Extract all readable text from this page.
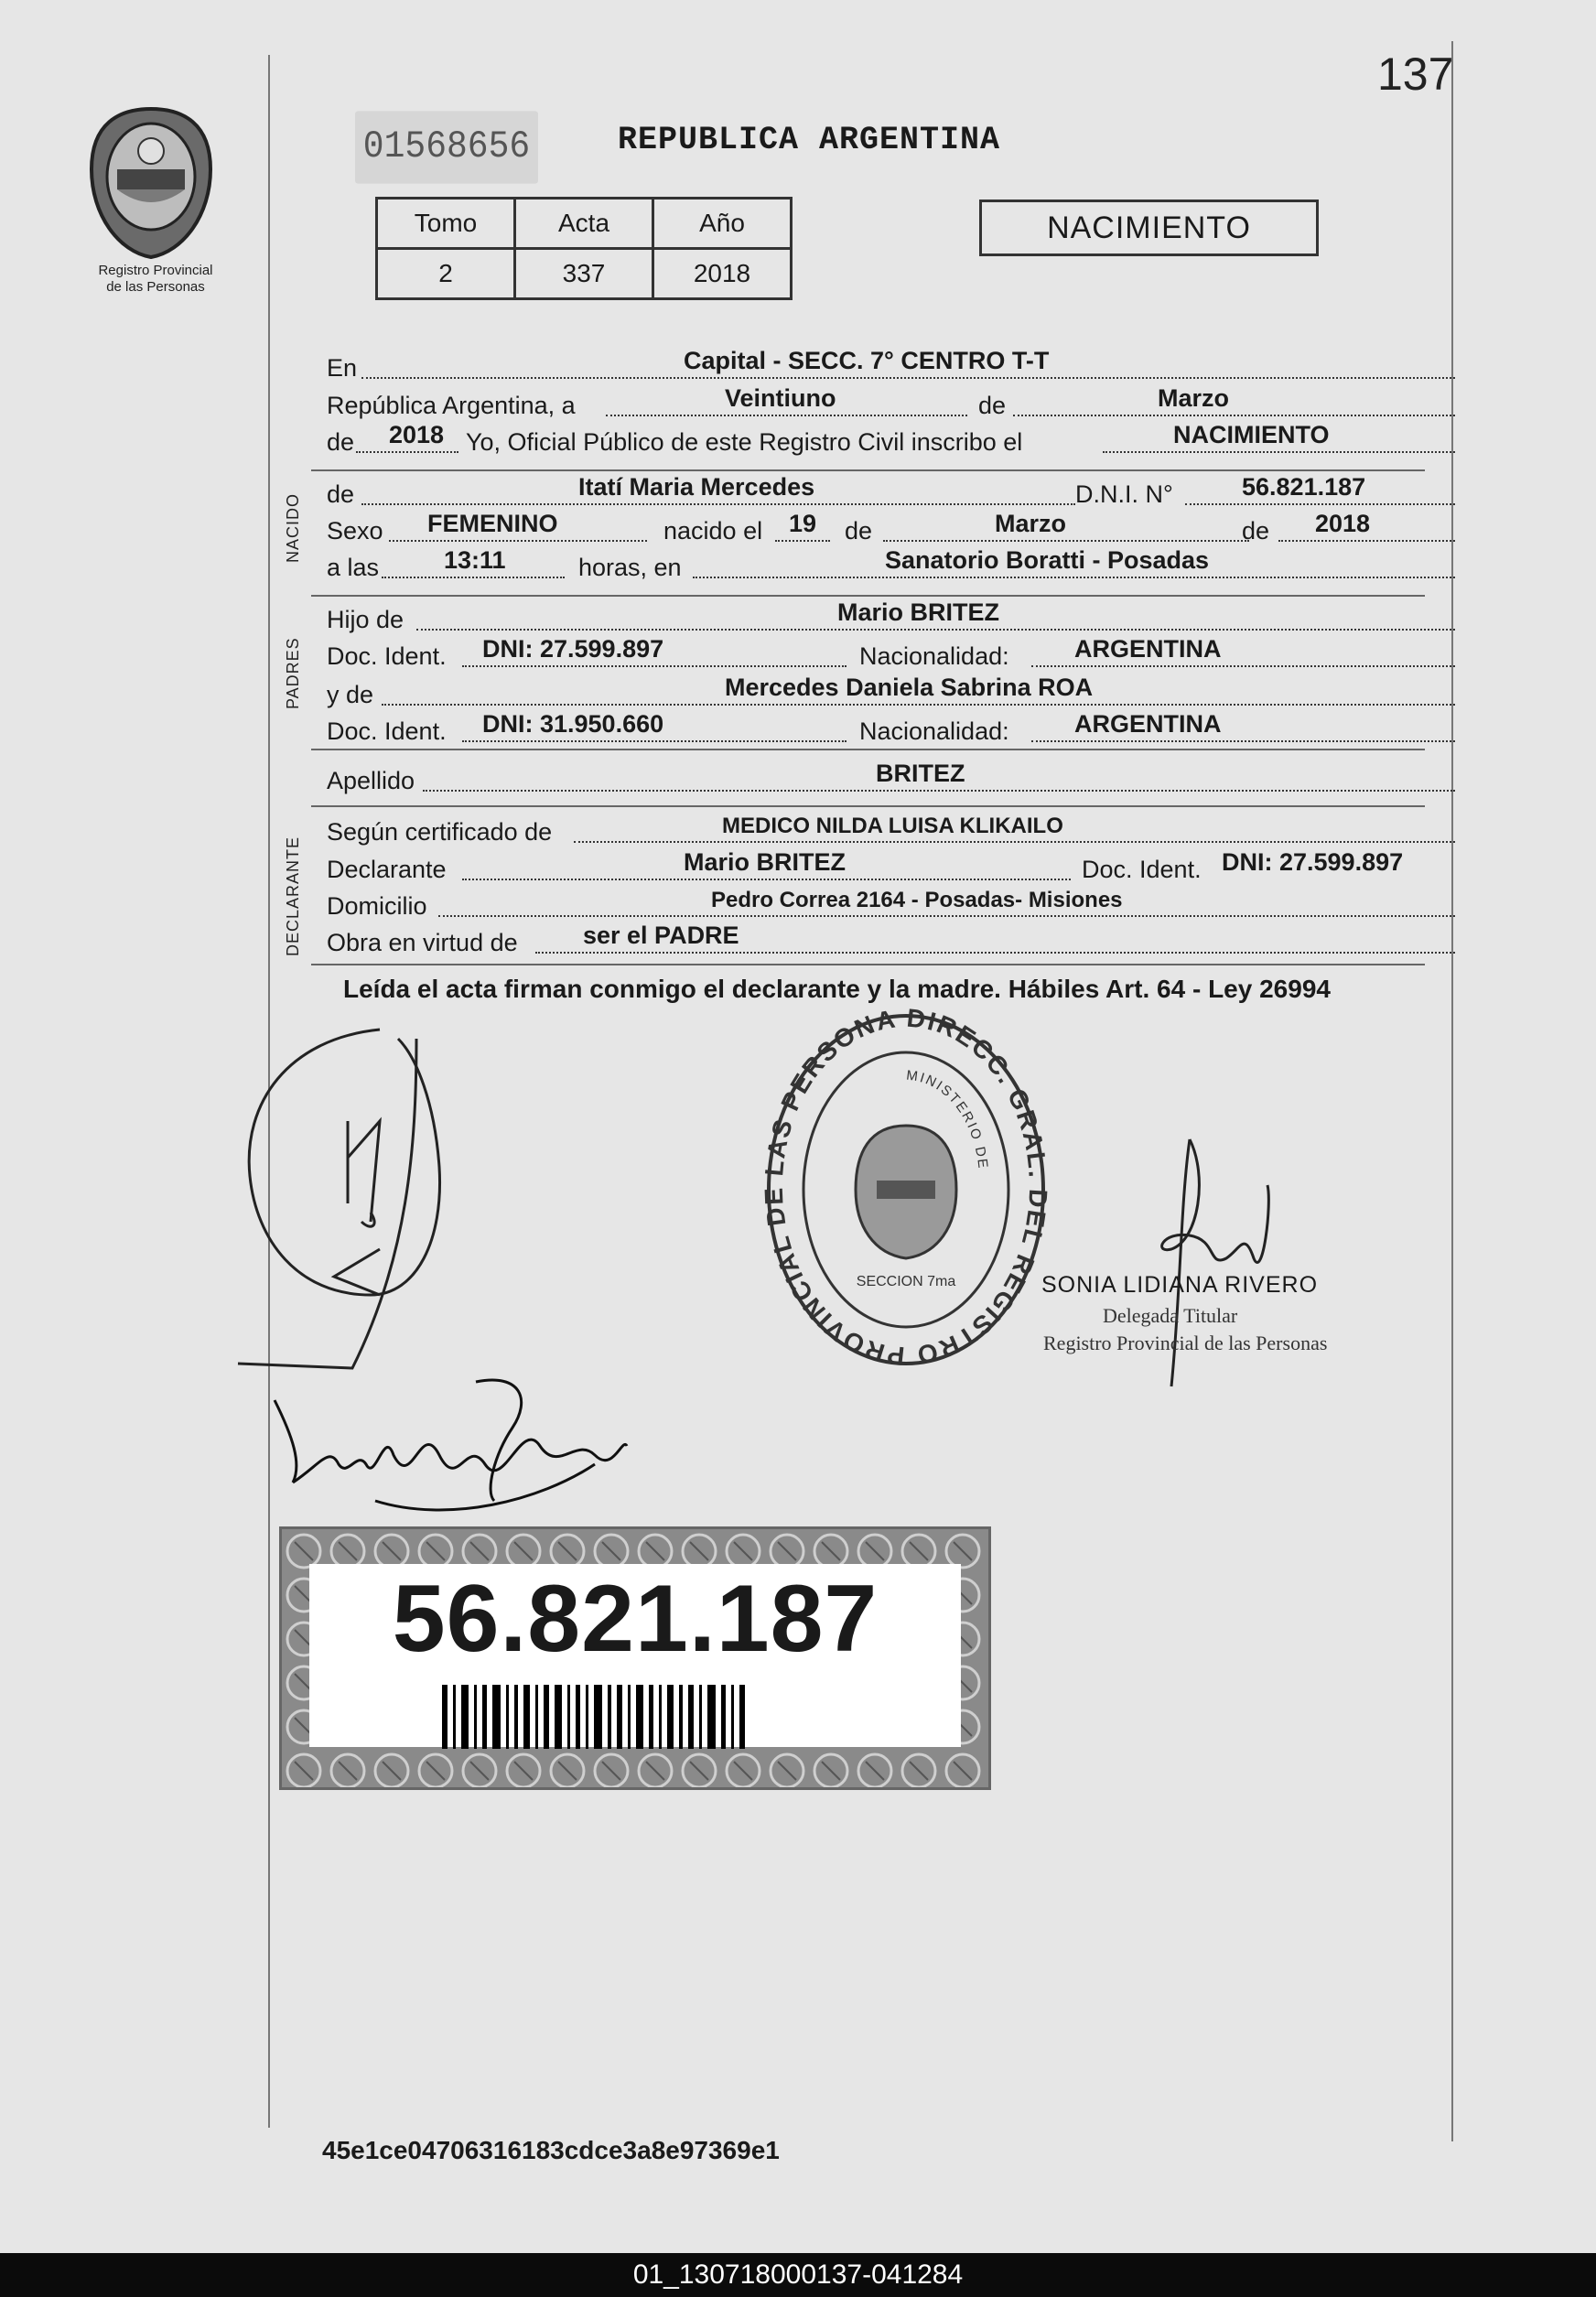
Registro Provincial
de las Personas
137
01568656	REPUBLICA ARGENTINA
Tomo	Acta	Año
2	337	2018
NACIMIENTO
En	Capital - SECC. 7° CENTRO T-T
República Argentina, a	Veintiuno	de	Marzo
de 2018 Yo, Oficial Público de este Registro Civil inscribo el	NACIMIENTO
NACIDO de	Itatí Maria Mercedes	D.N.I. N°	56.821.187
Sexo FEMENINO	nacido el 19 de	Marzo	de 2018
a las	13:11	horas, en	Sanatorio Boratti - Posadas
PADRES
Hijo de	Mario BRITEZ
Doc. Ident. DNI: 27.599.897	Nacionalidad:	ARGENTINA
y de	Mercedes Daniela Sabrina ROA
Doc. Ident. DNI: 31.950.660	Nacionalidad:	ARGENTINA
Apellido	BRITEZ
DECLARANTE
Según certificado de	MEDICO NILDA LUISA KLIKAILO
Declarante	Mario BRITEZ	Doc. Ident. DNI: 27.599.897
Domicilio	Pedro Correa 2164 - Posadas- Misiones
Obra en virtud de	ser el PADRE
Leída el acta firman conmigo el declarante y la madre. Hábiles Art. 64 - Ley 26994
DIRECC. GRAL. DEL REGISTRO PROVINCIAL DE LAS PERSONA
MINISTERIO DE
SECCION 7ma	SONIA LIDIANA RIVERO
Delegada Titular
Registro Provincial de las Personas
56.821.187
45e1ce04706316183cdce3a8e97369e1
01_130718000137-041284
